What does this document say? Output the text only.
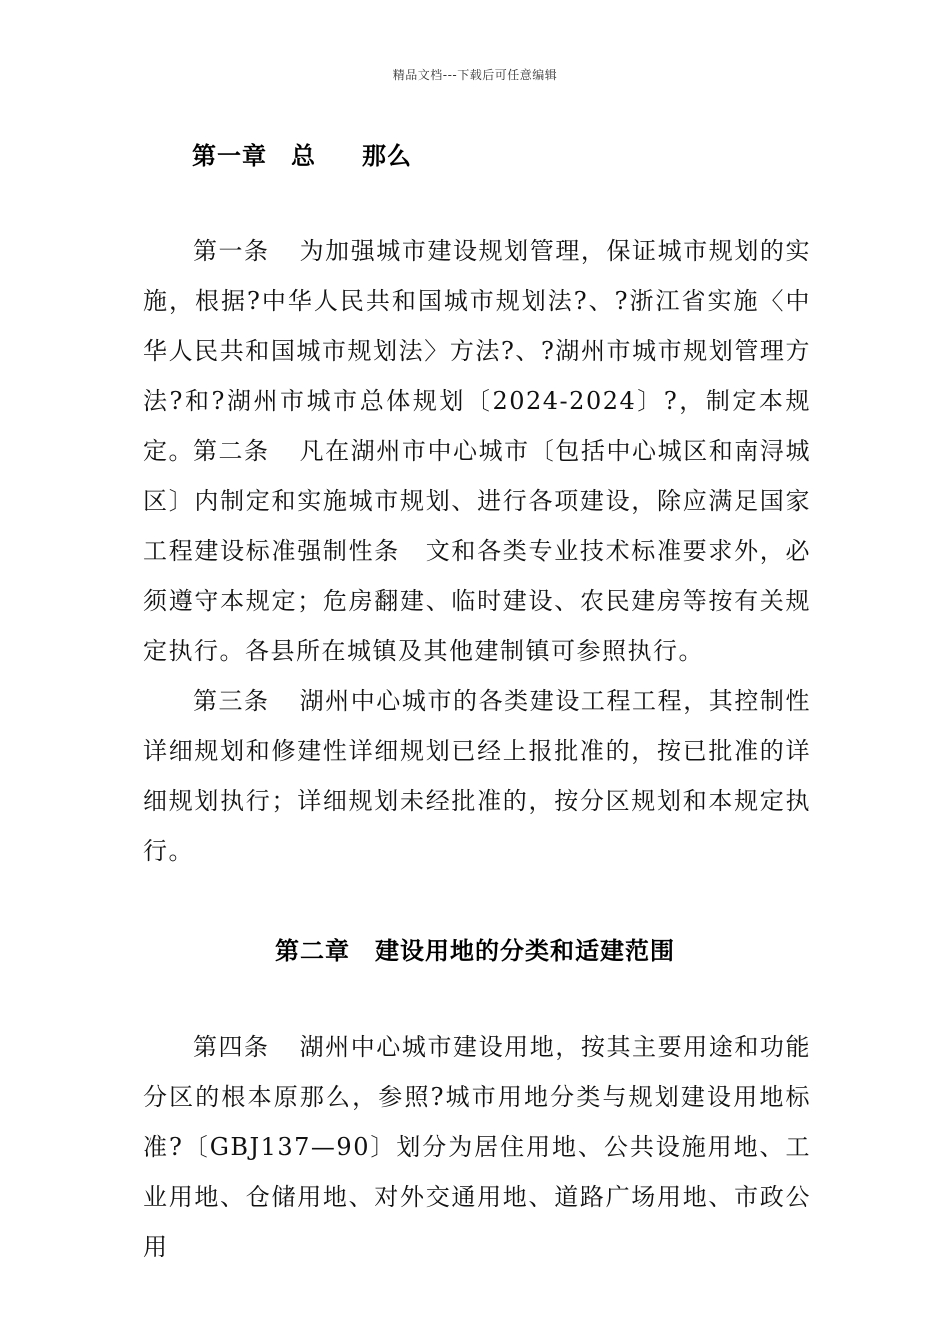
精品文档---下载后可任意编辑
第一章 总 那么

第一条 为加强城市建设规划管理，保证城市规划的实施，根据?中华人民共和国城市规划法?、?浙江省实施〈中华人民共和国城市规划法〉方法?、?湖州市城市规划管理方法?和?湖州市城市总体规划〔2024-2024〕?，制定本规定。 第二条 凡在湖州市中心城市〔包括中心城区和南浔城区〕内制定和实施城市规划、进行各项建设，除应满足国家工程建设标准强制性条　文和各类专业技术标准要求外，必须遵守本规定；危房翻建、临时建设、农民建房等按有关规定执行。各县所在城镇及其他建制镇可参照执行。

第三条 湖州中心城市的各类建设工程工程，其控制性详细规划和修建性详细规划已经上报批准的，按已批准的详细规划执行；详细规划未经批准的，按分区规划和本规定执行。

第二章　建设用地的分类和适建范围

第四条 湖州中心城市建设用地，按其主要用途和功能分区的根本原那么，参照?城市用地分类与规划建设用地标准?〔GBJ137—90〕划分为居住用地、公共设施用地、工业用地、仓储用地、对外交通用地、道路广场用地、市政公用
